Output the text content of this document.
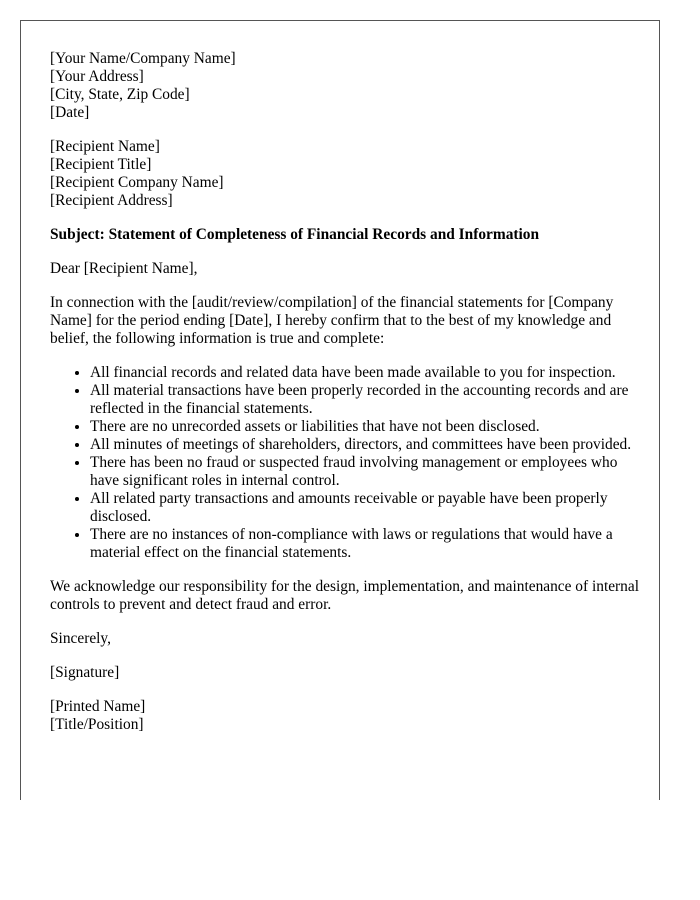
[Your Name/Company Name]
[Your Address]
[City, State, Zip Code]
[Date]
[Recipient Name]
[Recipient Title]
[Recipient Company Name]
[Recipient Address]

Subject: Statement of Completeness of Financial Records and Information

Dear [Recipient Name],

In connection with the [audit/review/compilation] of the financial statements for [Company Name] for the period ending [Date], I hereby confirm that to the best of my knowledge and belief, the following information is true and complete:

• All financial records and related data have been made available to you for inspection.
• All material transactions have been properly recorded in the accounting records and are reflected in the financial statements.
• There are no unrecorded assets or liabilities that have not been disclosed.
• All minutes of meetings of shareholders, directors, and committees have been provided.
• There has been no fraud or suspected fraud involving management or employees who have significant roles in internal control.
• All related party transactions and amounts receivable or payable have been properly disclosed.
• There are no instances of non-compliance with laws or regulations that would have a material effect on the financial statements.

We acknowledge our responsibility for the design, implementation, and maintenance of internal controls to prevent and detect fraud and error.

Sincerely,

[Signature]

[Printed Name]
[Title/Position]
